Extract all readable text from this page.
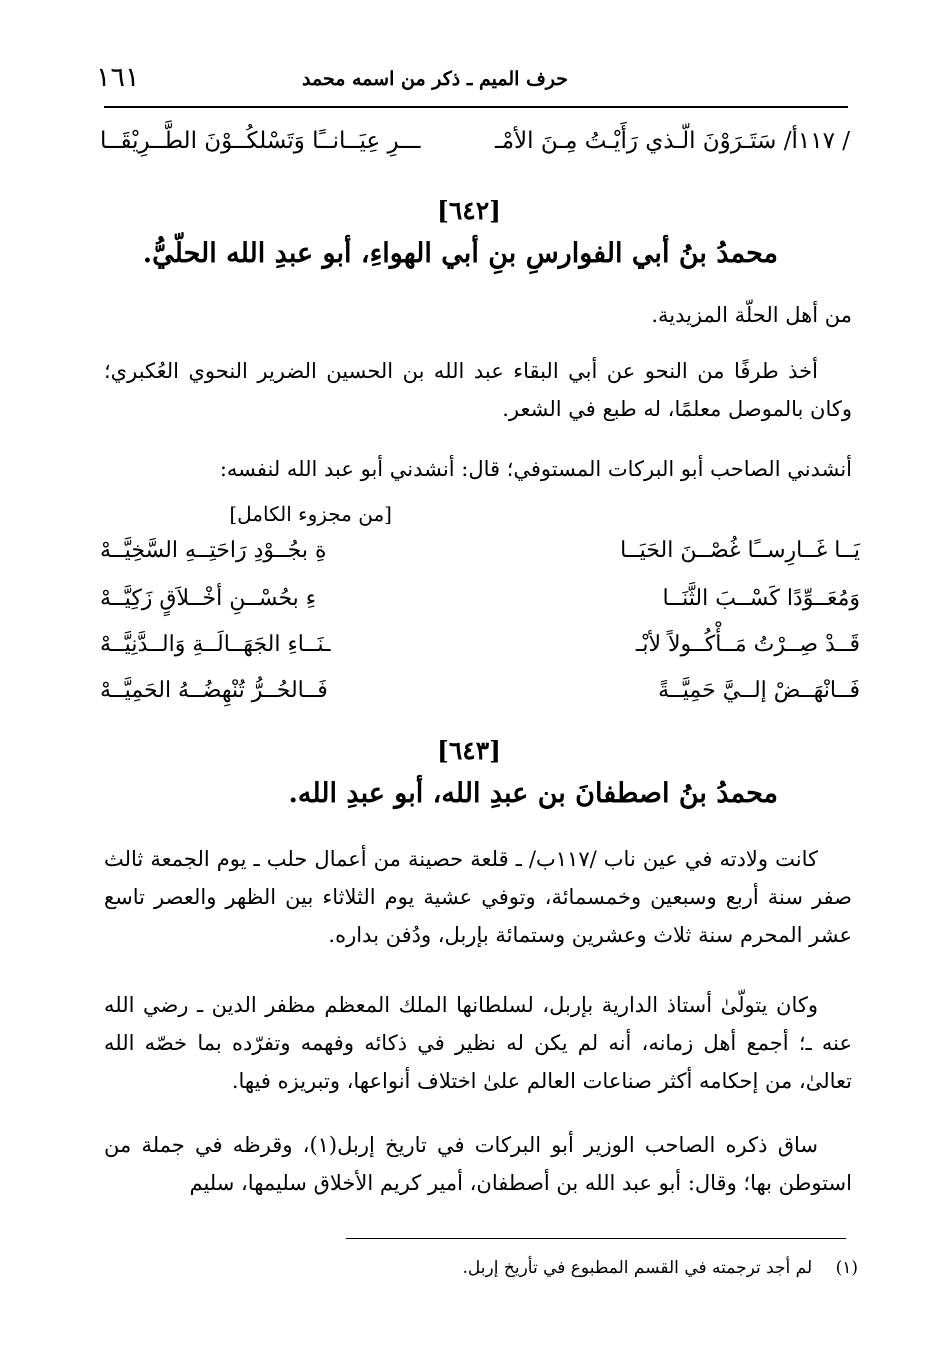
١٦١	حرف الميم ـ ذكر من اسمه محمد
/ ١١٧أ/ سَتَـرَوْنَ الّـذي رَأَيْـتُ مِـنَ الأمْـ
ـــرِ عِيَــانــًا وَتَسْلكُــوْنَ الطَّــرِيْقَــا
[٦٤٢]
محمدُ بنُ أبي الفوارسِ بنِ أبي الهواءِ، أبو عبدِ الله الحلّيُّ.
من أهل الحلّة المزيدية.
أخذ طرفًا من النحو عن أبي البقاء عبد الله بن الحسين الضرير النحوي العُكبري؛ وكان بالموصل معلمًا، له طبع في الشعر.
أنشدني الصاحب أبو البركات المستوفي؛ قال: أنشدني أبو عبد الله لنفسه:
[من مجزوء الكامل]
يَــا غَــارِســًا غُصْــنَ الحَيَــا
ةِ بجُــوْدِ رَاحَتِــهِ السَّخِيَّــهْ
وَمُعَــوِّدًا كَسْــبَ الثَّنَــا
ءِ بحُسْــنِ أخْــلاَقٍ زَكِيَّــهْ
قَــدْ صِــرْتُ مَــأْكُــولاً لأبْـ
ـنَــاءِ الجَهَــالَــةِ وَالــدَّنِيَّــهْ
فَــانْهَــضْ إلــيَّ حَمِيَّــةً
فَــالحُــرُّ تُنْهِضُــهُ الحَمِيَّــهْ
[٦٤٣]
محمدُ بنُ اصطفانَ بن عبدِ الله، أبو عبدِ الله.
كانت ولادته في عين ناب /١١٧ب/ ـ قلعة حصينة من أعمال حلب ـ يوم الجمعة ثالث صفر سنة أربع وسبعين وخمسمائة، وتوفي عشية يوم الثلاثاء بين الظهر والعصر تاسع عشر المحرم سنة ثلاث وعشرين وستمائة بإربل، ودُفن بداره.
وكان يتولّىٰ أستاذ الدارية بإربل، لسلطانها الملك المعظم مظفر الدين ـ رضي الله عنه ـ؛ أجمع أهل زمانه، أنه لم يكن له نظير في ذكائه وفهمه وتفرّده بما خصّه الله تعالىٰ، من إحكامه أكثر صناعات العالم علىٰ اختلاف أنواعها، وتبريزه فيها.
ساق ذكره الصاحب الوزير أبو البركات في تاريخ إربل(١)، وقرظه في جملة من استوطن بها؛ وقال: أبو عبد الله بن أصطفان، أمير كريم الأخلاق سليمها، سليم
(١) لم أجد ترجمته في القسم المطبوع في تأريخ إربل.
